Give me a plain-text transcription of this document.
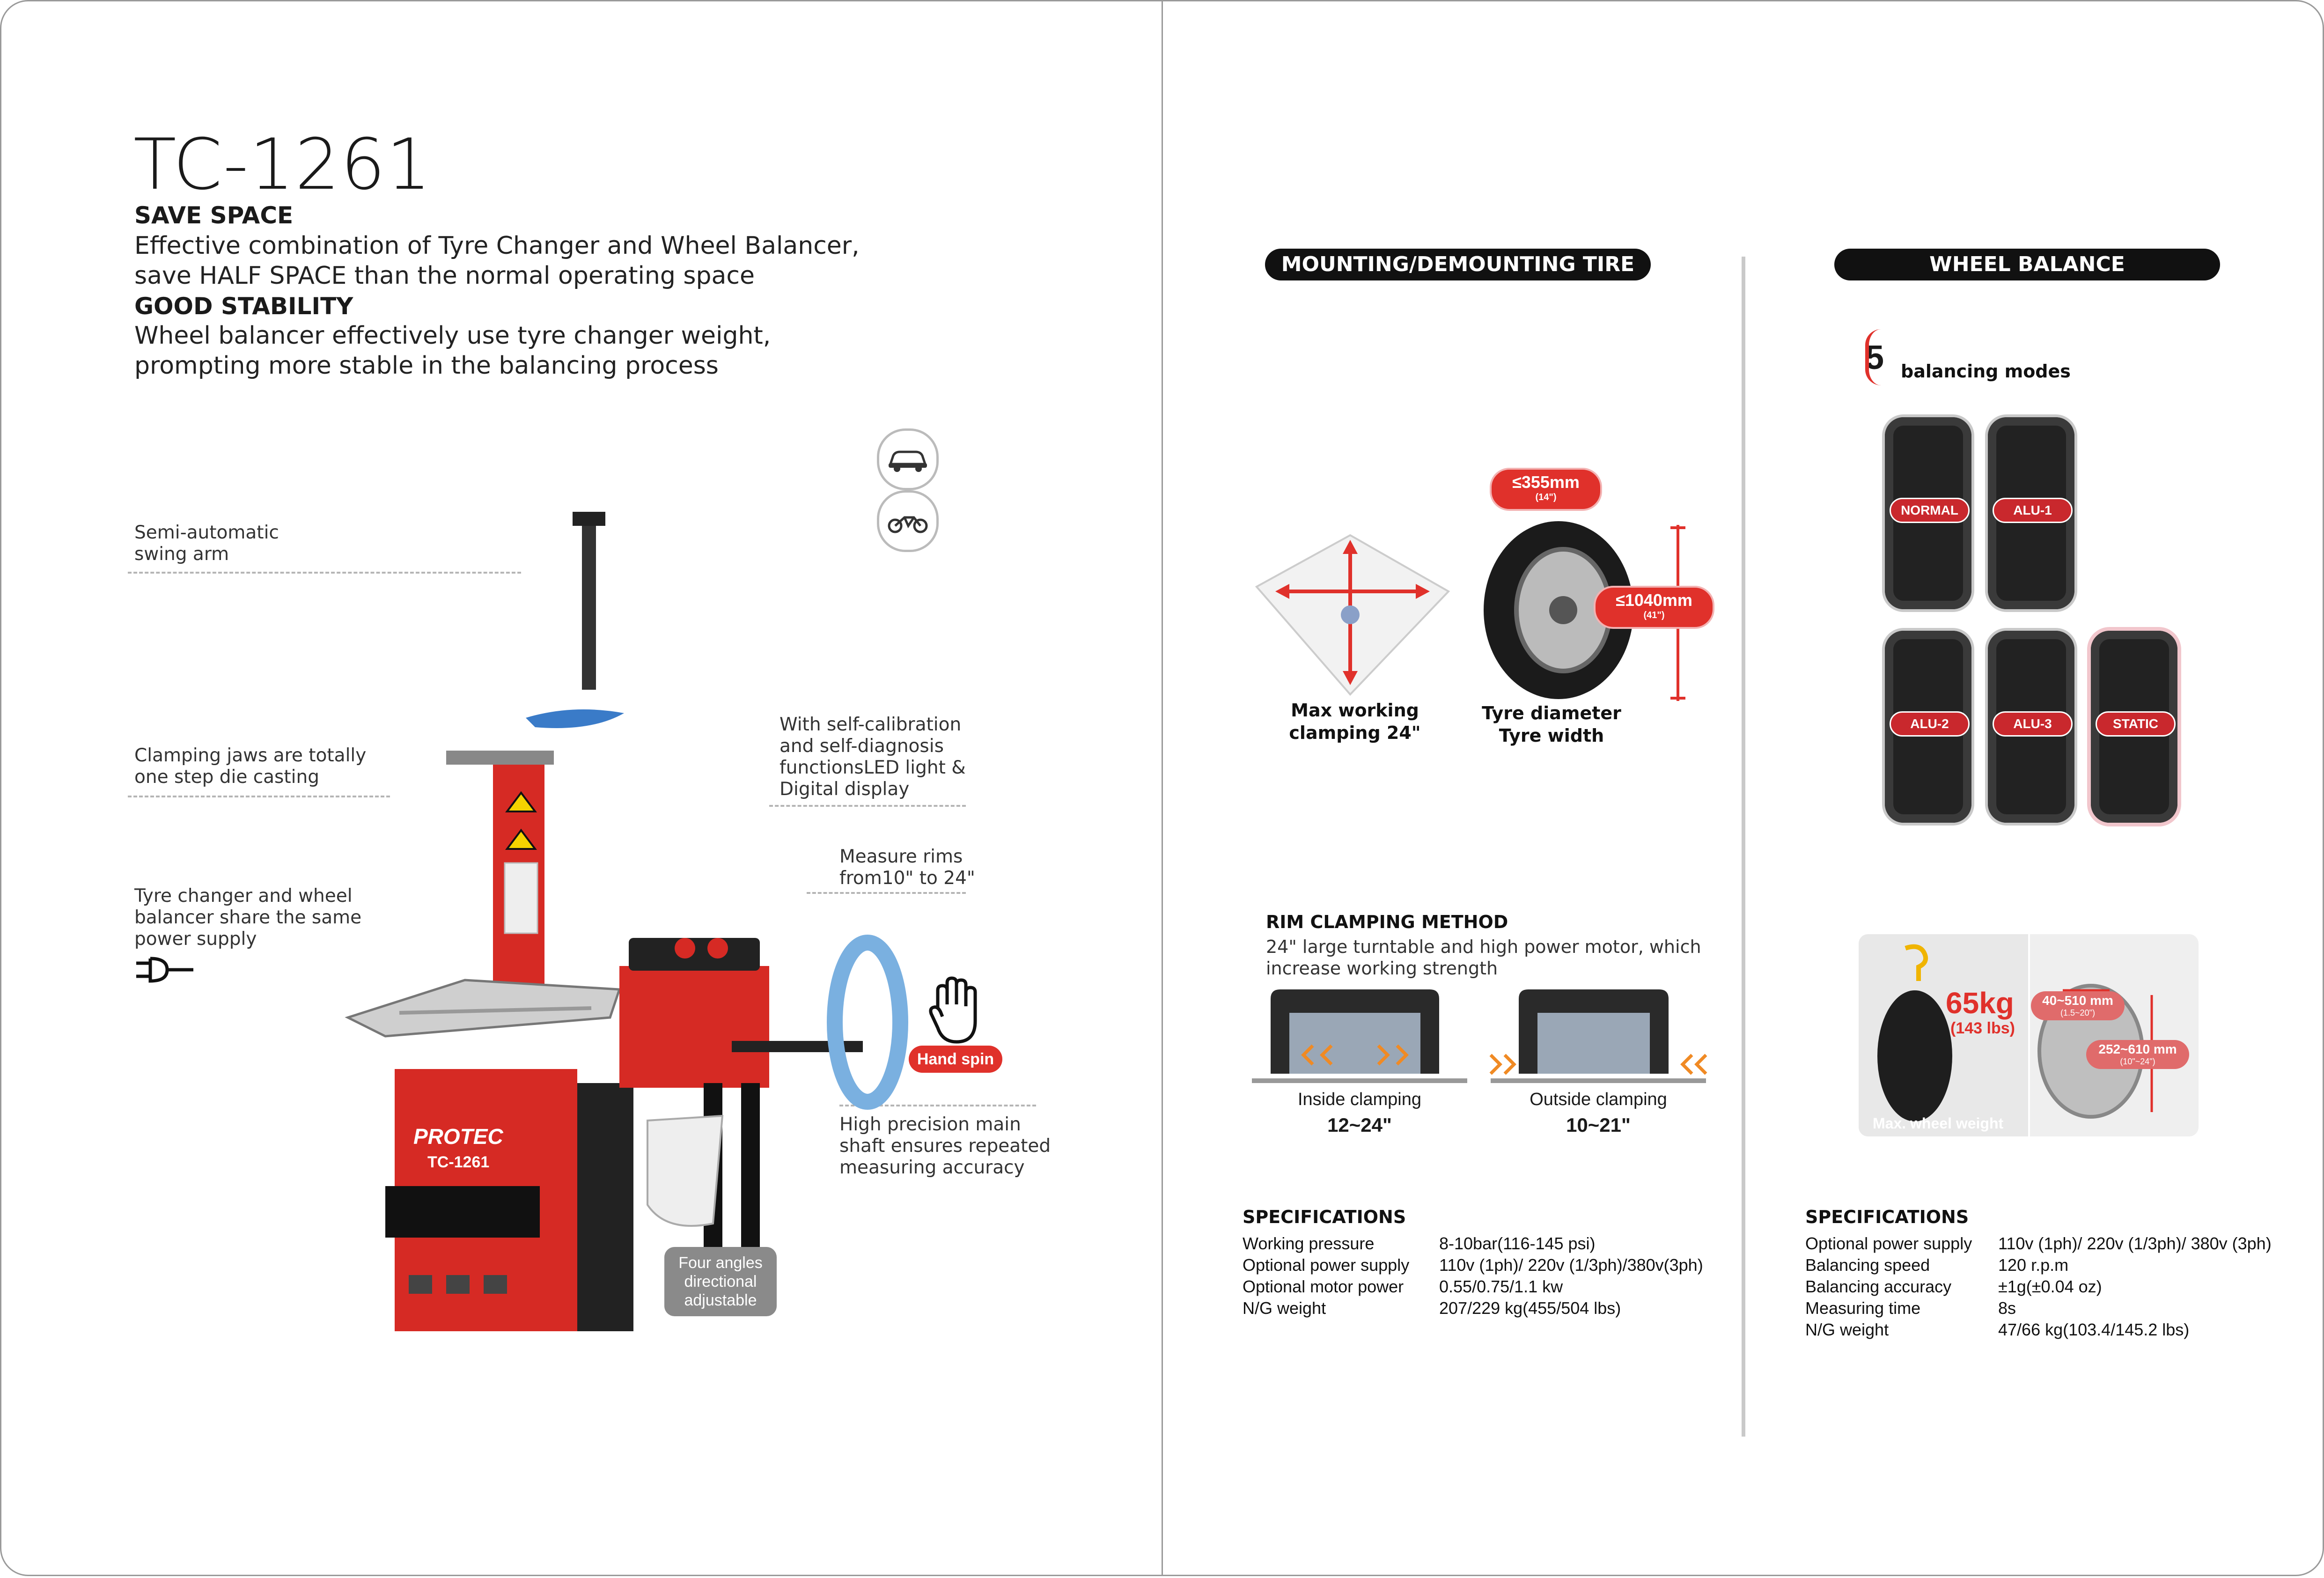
TC-1261
SAVE SPACE
Effective combination of Tyre Changer and Wheel Balancer,
save HALF SPACE than the normal operating space
GOOD STABILITY
Wheel balancer effectively use tyre changer weight,
prompting more stable in the balancing process
Semi-automatic
swing arm
Clamping jaws are totally
one step die casting
Tyre changer and wheel
balancer share the same
power supply
With self-calibration
and self-diagnosis
functionsLED light &
Digital display
Measure rims
from10" to 24"
High precision main
shaft ensures repeated
measuring accuracy
Hand spin
PROTEC
TC-1261
Four angles
directional
adjustable
MOUNTING/DEMOUNTING TIRE	WHEEL BALANCE
Max working
clamping 24"
≤355mm
(14")
≤1040mm
(41")
Tyre diameter
Tyre width
RIM CLAMPING METHOD
24" large turntable and high power motor, which
increase working strength
Inside clamping
12~24"
Outside clamping
10~21"
SPECIFICATIONS
Working pressure	8-10bar(116-145 psi)
Optional power supply 110v (1ph)/ 220v (1/3ph)/380v(3ph)
Optional motor power 0.55/0.75/1.1 kw
N/G weight	207/229 kg(455/504 lbs)
5 balancing modes
NORMAL	ALU-1
ALU-2	ALU-3	STATIC
65kg
(143 lbs)
Max. wheel weight
40~510 mm
(1.5~20")
252~610 mm
(10"~24")
SPECIFICATIONS
Optional power supply 110v (1ph)/ 220v (1/3ph)/ 380v (3ph)
Balancing speed	120 r.p.m
Balancing accuracy	±1g(±0.04 oz)
Measuring time	8s
N/G weight	47/66 kg(103.4/145.2 lbs)
